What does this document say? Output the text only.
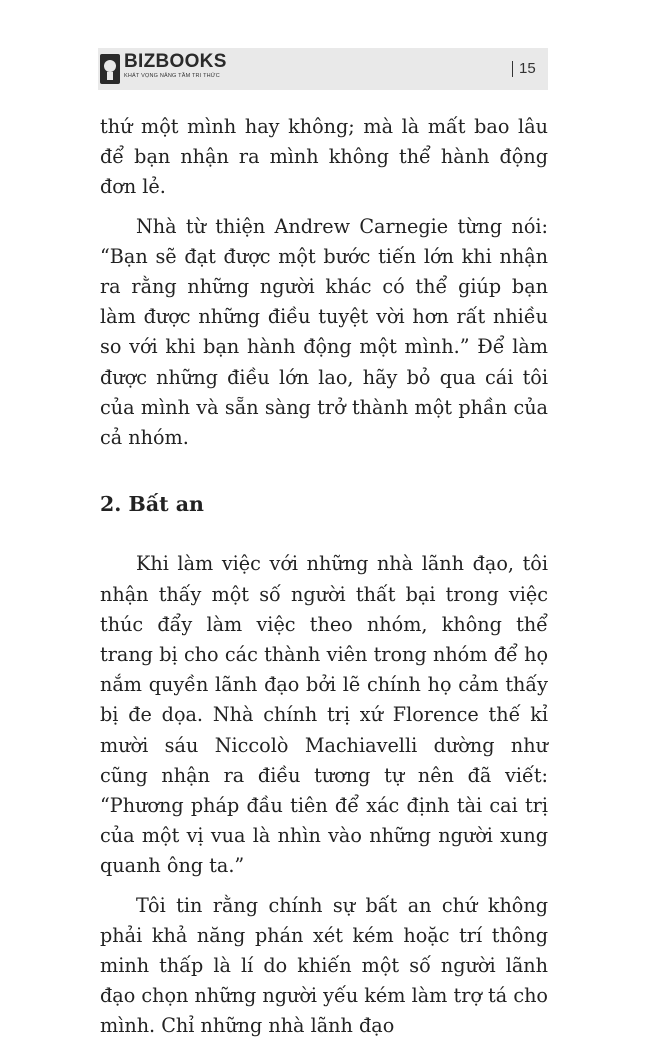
BIZBOOKS
KHÁT VỌNG NÂNG TẦM TRI THỨC	15

thứ một mình hay không; mà là mất bao lâu để bạn nhận ra mình không thể hành động đơn lẻ.

Nhà từ thiện Andrew Carnegie từng nói: “Bạn sẽ đạt được một bước tiến lớn khi nhận ra rằng những người khác có thể giúp bạn làm được những điều tuyệt vời hơn rất nhiều so với khi bạn hành động một mình.” Để làm được những điều lớn lao, hãy bỏ qua cái tôi của mình và sẵn sàng trở thành một phần của cả nhóm.

2. Bất an

Khi làm việc với những nhà lãnh đạo, tôi nhận thấy một số người thất bại trong việc thúc đẩy làm việc theo nhóm, không thể trang bị cho các thành viên trong nhóm để họ nắm quyền lãnh đạo bởi lẽ chính họ cảm thấy bị đe dọa. Nhà chính trị xứ Florence thế kỉ mười sáu Niccolò Machiavelli dường như cũng nhận ra điều tương tự nên đã viết: “Phương pháp đầu tiên để xác định tài cai trị của một vị vua là nhìn vào những người xung quanh ông ta.”

Tôi tin rằng chính sự bất an chứ không phải khả năng phán xét kém hoặc trí thông minh thấp là lí do khiến một số người lãnh đạo chọn những người yếu kém làm trợ tá cho mình. Chỉ những nhà lãnh đạo
